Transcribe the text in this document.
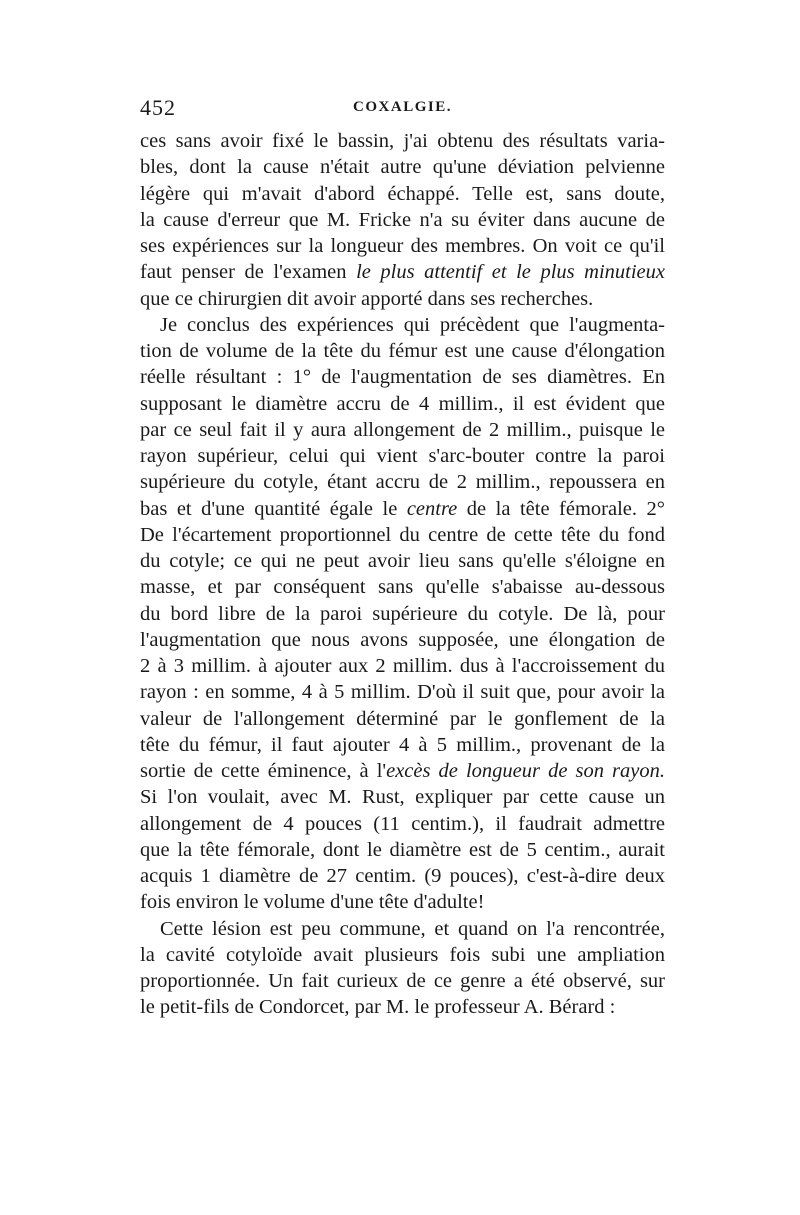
452	COXALGIE.
ces sans avoir fixé le bassin, j'ai obtenu des résultats varia-
bles, dont la cause n'était autre qu'une déviation pelvienne
légère qui m'avait d'abord échappé. Telle est, sans doute,
la cause d'erreur que M. Fricke n'a su éviter dans aucune de
ses expériences sur la longueur des membres. On voit ce qu'il
faut penser de l'examen le plus attentif et le plus minutieux
que ce chirurgien dit avoir apporté dans ses recherches.
Je conclus des expériences qui précèdent que l'augmenta-
tion de volume de la tête du fémur est une cause d'élongation
réelle résultant : 1° de l'augmentation de ses diamètres. En
supposant le diamètre accru de 4 millim., il est évident que
par ce seul fait il y aura allongement de 2 millim., puisque le
rayon supérieur, celui qui vient s'arc-bouter contre la paroi
supérieure du cotyle, étant accru de 2 millim., repoussera en
bas et d'une quantité égale le centre de la tête fémorale. 2°
De l'écartement proportionnel du centre de cette tête du fond
du cotyle; ce qui ne peut avoir lieu sans qu'elle s'éloigne en
masse, et par conséquent sans qu'elle s'abaisse au-dessous
du bord libre de la paroi supérieure du cotyle. De là, pour
l'augmentation que nous avons supposée, une élongation de
2 à 3 millim. à ajouter aux 2 millim. dus à l'accroissement du
rayon : en somme, 4 à 5 millim. D'où il suit que, pour avoir la
valeur de l'allongement déterminé par le gonflement de la
tête du fémur, il faut ajouter 4 à 5 millim., provenant de la
sortie de cette éminence, à l'excès de longueur de son rayon.
Si l'on voulait, avec M. Rust, expliquer par cette cause un
allongement de 4 pouces (11 centim.), il faudrait admettre
que la tête fémorale, dont le diamètre est de 5 centim., aurait
acquis 1 diamètre de 27 centim. (9 pouces), c'est-à-dire deux
fois environ le volume d'une tête d'adulte!
Cette lésion est peu commune, et quand on l'a rencontrée,
la cavité cotyloïde avait plusieurs fois subi une ampliation
proportionnée. Un fait curieux de ce genre a été observé, sur
le petit-fils de Condorcet, par M. le professeur A. Bérard :
